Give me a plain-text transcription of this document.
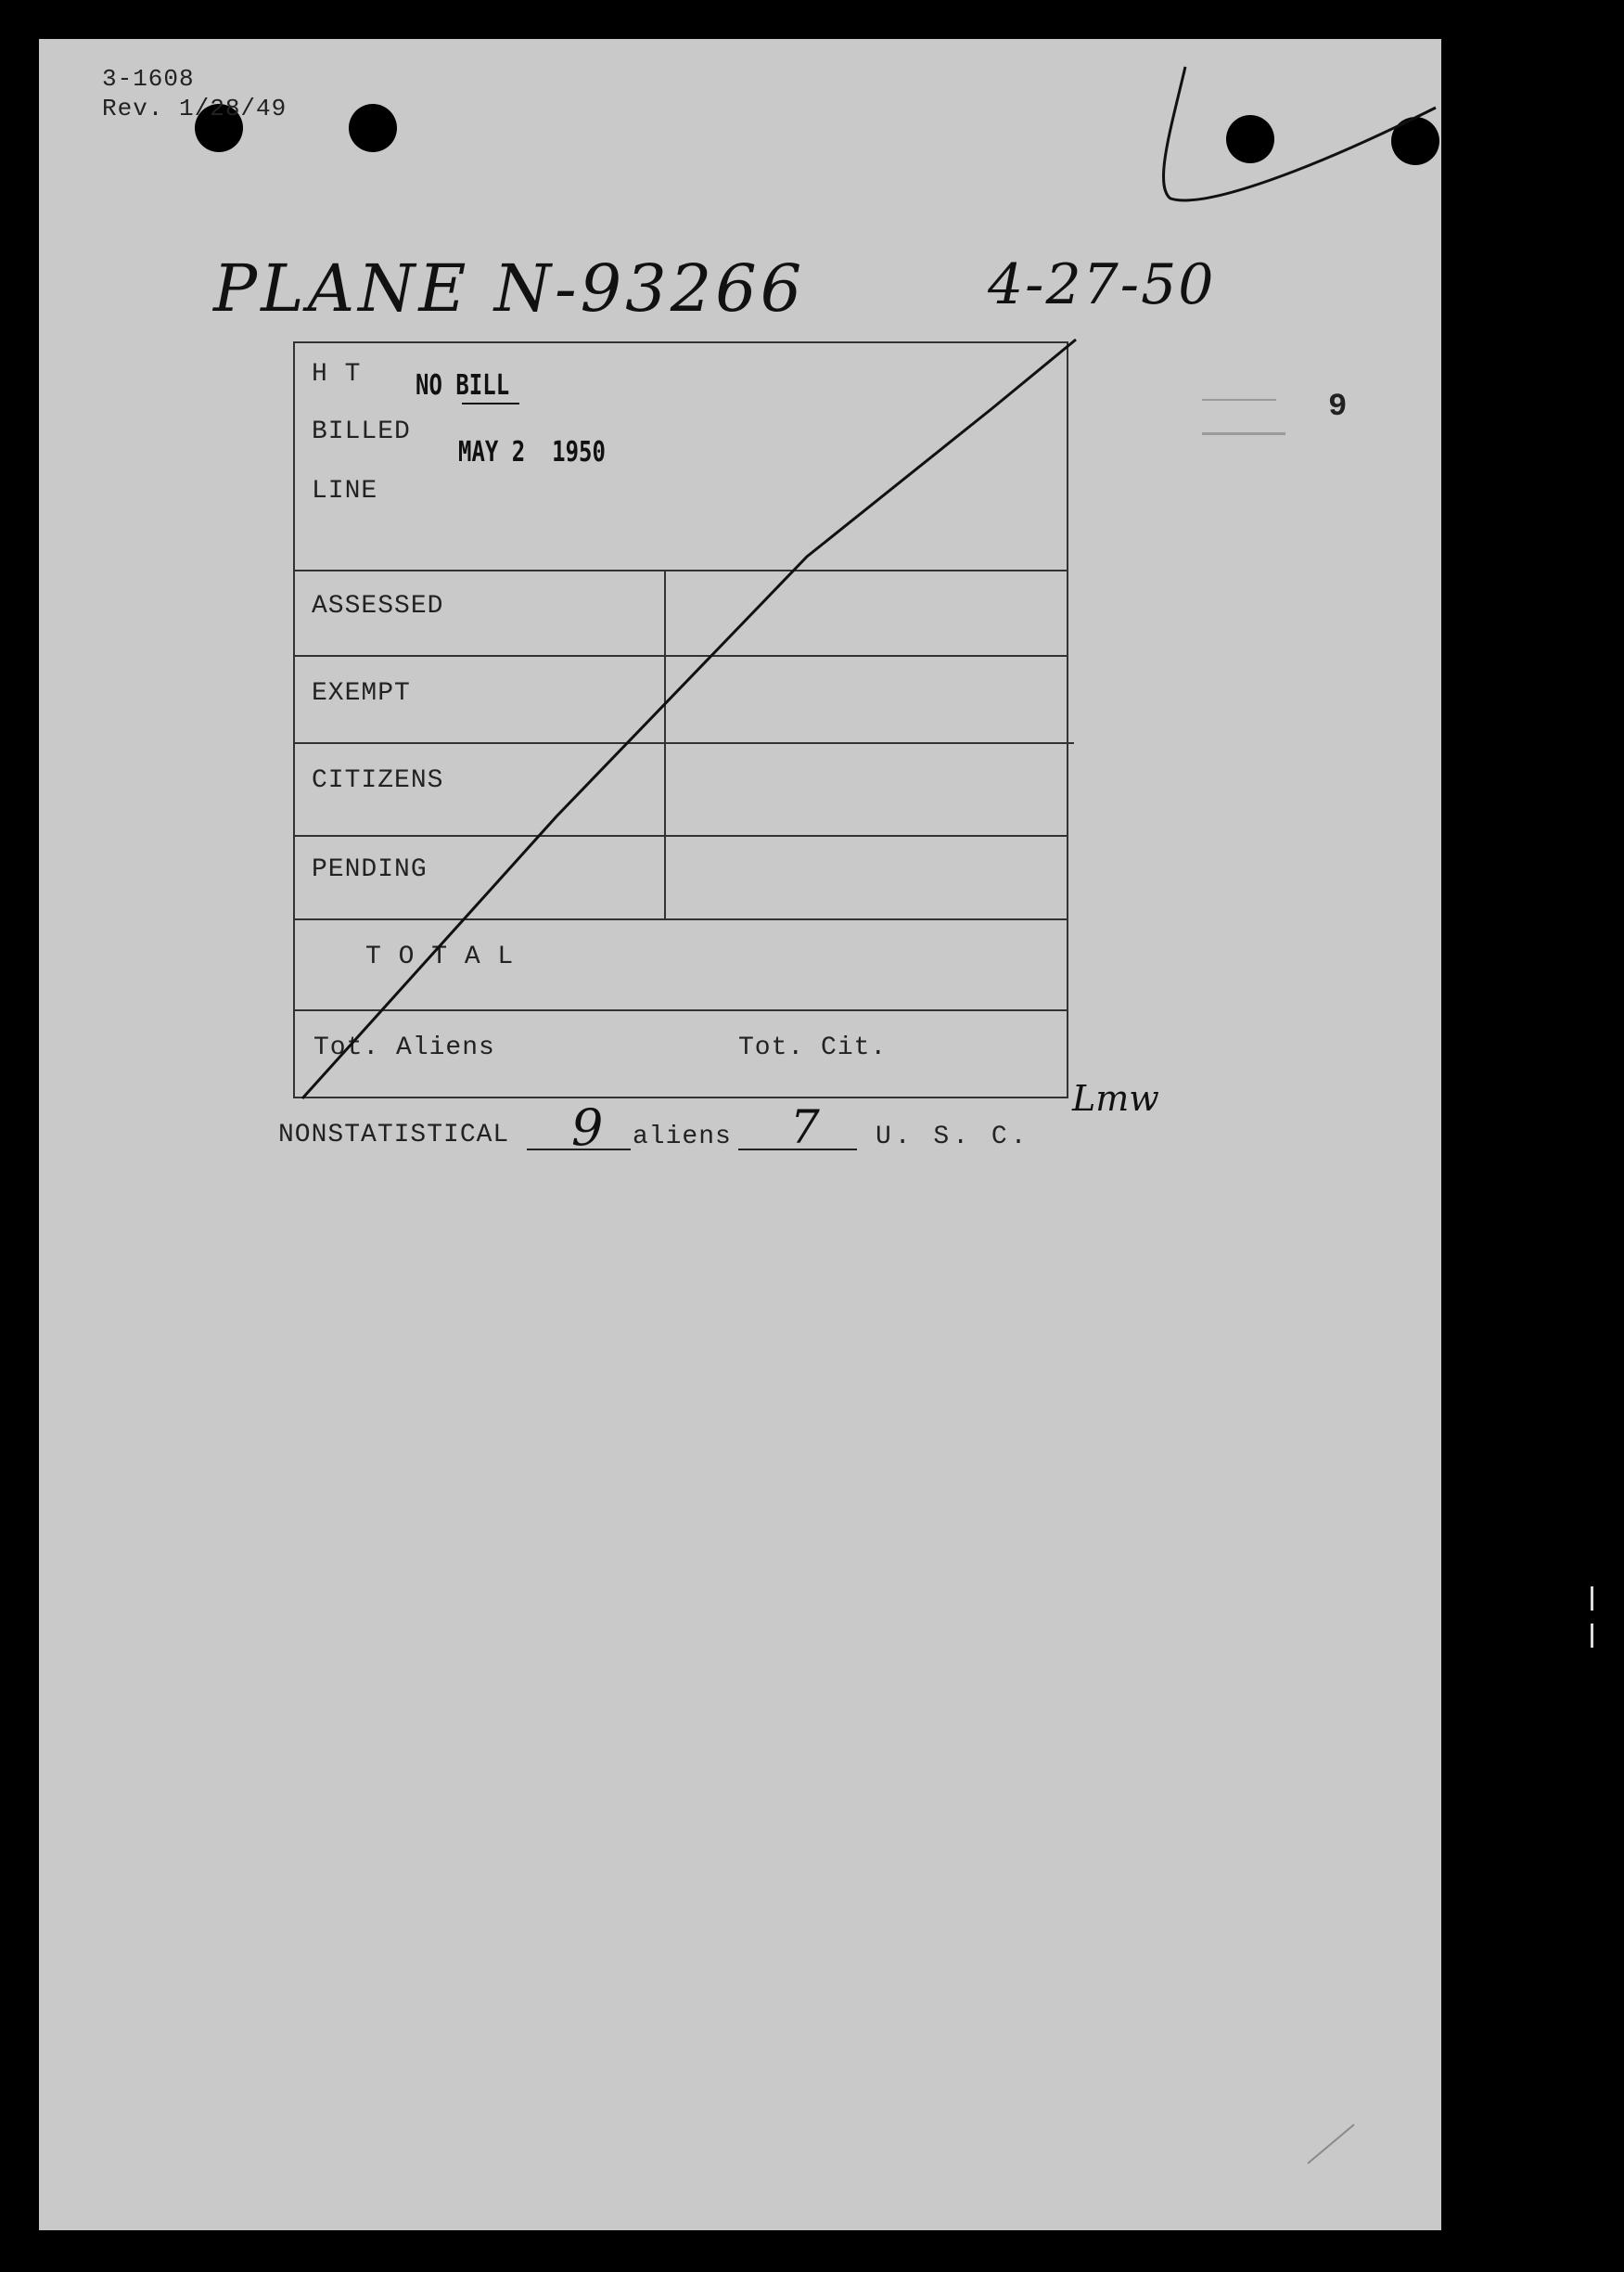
3-1608
Rev. 1/28/49
PLANE N-93266	4-27-50
9
H T
BILLED
LINE
NO BILL
MAY 2  1950
ASSESSED
EXEMPT
CITIZENS
PENDING
T O T A L
Tot. Aliens	Tot. Cit.
Lmw
NONSTATISTICAL 9 aliens 7 U. S. C.
